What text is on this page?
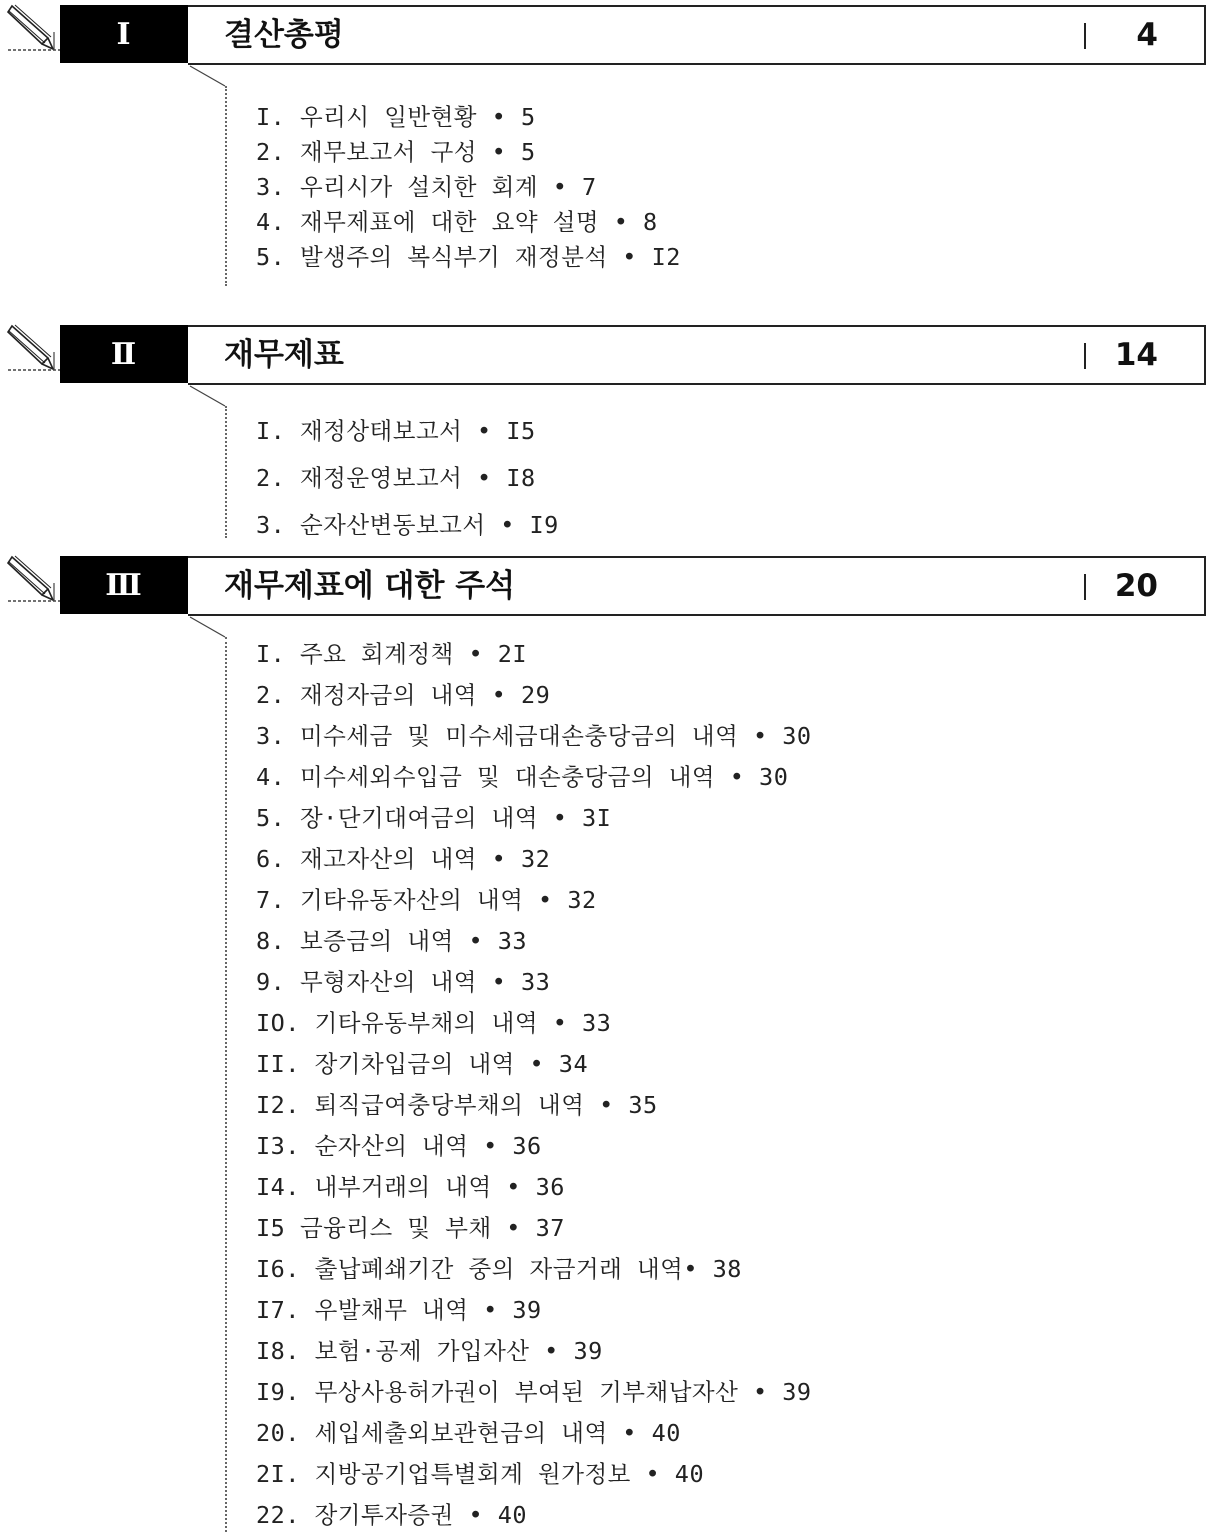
I	결산총평	4
I. 우리시 일반현황 • 5
2. 재무보고서 구성 • 5
3. 우리시가 설치한 회계 • 7
4. 재무제표에 대한 요약 설명 • 8
5. 발생주의 복식부기 재정분석 • I2
Ⅱ	재무제표	14
I. 재정상태보고서 • I5
2. 재정운영보고서 • I8
3. 순자산변동보고서 • I9
Ⅲ	재무제표에 대한 주석	20
I. 주요 회계정책 • 2I
2. 재정자금의 내역 • 29
3. 미수세금 및 미수세금대손충당금의 내역 • 30
4. 미수세외수입금 및 대손충당금의 내역 • 30
5. 장·단기대여금의 내역 • 3I
6. 재고자산의 내역 • 32
7. 기타유동자산의 내역 • 32
8. 보증금의 내역 • 33
9. 무형자산의 내역 • 33
IO. 기타유동부채의 내역 • 33
II. 장기차입금의 내역 • 34
I2. 퇴직급여충당부채의 내역 • 35
I3. 순자산의 내역 • 36
I4. 내부거래의 내역 • 36
I5 금융리스 및 부채 • 37
I6. 출납폐쇄기간 중의 자금거래 내역• 38
I7. 우발채무 내역 • 39
I8. 보험·공제 가입자산 • 39
I9. 무상사용허가권이 부여된 기부채납자산 • 39
20. 세입세출외보관현금의 내역 • 40
2I. 지방공기업특별회계 원가정보 • 40
22. 장기투자증권 • 40
